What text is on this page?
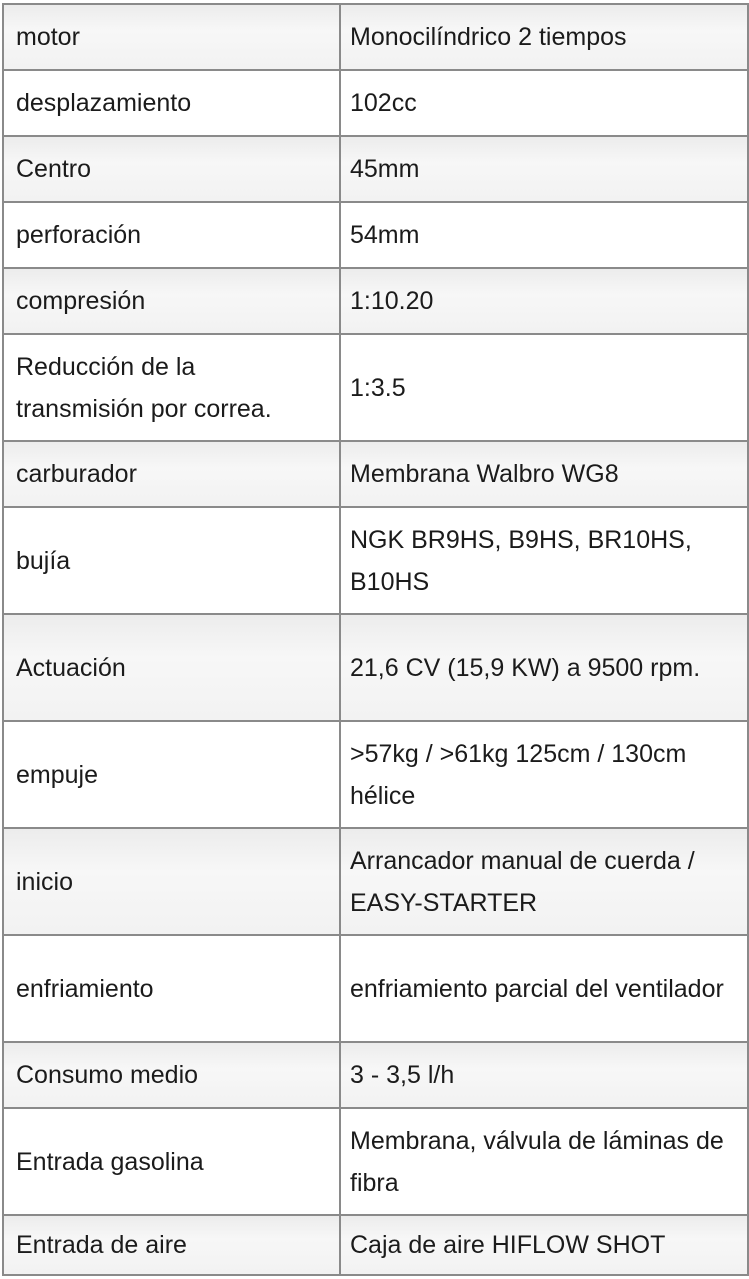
motor	Monocilíndrico 2 tiempos
desplazamiento	102cc
Centro	45mm
perforación	54mm
compresión	1:10.20
Reducción de la transmisión por correa.	1:3.5
carburador	Membrana Walbro WG8
bujía	NGK BR9HS, B9HS, BR10HS, B10HS
Actuación	21,6 CV (15,9 KW) a 9500 rpm.
empuje	>57kg / >61kg 125cm / 130cm hélice
inicio	Arrancador manual de cuerda / EASY-STARTER
enfriamiento	enfriamiento parcial del ventilador
Consumo medio	3 - 3,5 l/h
Entrada gasolina	Membrana, válvula de láminas de fibra
Entrada de aire	Caja de aire HIFLOW SHOT
